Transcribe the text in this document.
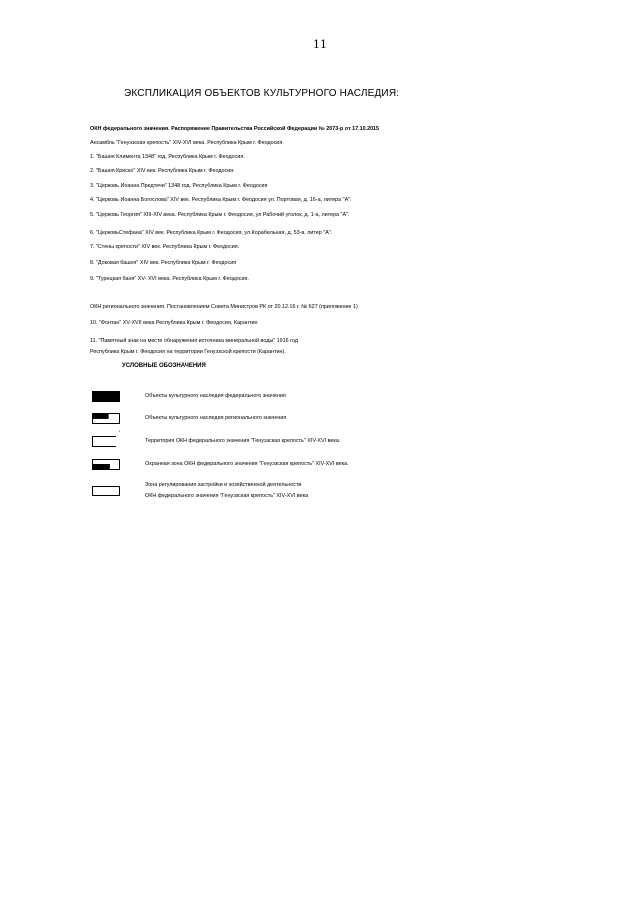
11
ЭКСПЛИКАЦИЯ ОБЪЕКТОВ КУЛЬТУРНОГО НАСЛЕДИЯ:
ОКН федерального значения. Распоряжение Правительства Российской Федерации № 2073-р от 17.10.2015
Ансамбль "Генуэзская крепость" XIV-XVI века. Республика Крым г. Феодосия.
1. "Башня Климента 1348" год. Республика Крым г. Феодосия.
2. "Башня Криско" XIV век. Республика Крым г. Феодосия.
3. "Церковь Иоанна Предтечи" 1348 год. Республика Крым г. Феодосия
4. "Церковь Иоанна Богослова" XIV век. Республика Крым г. Феодосия ул. Портовая, д. 16-а, литера "А".
5. "Церковь Георгия" XIII-XIV века. Республика Крым г. Феодосия, ул Рабочий уголок, д. 1-а, литера "А".
6. "ЦерковьСтефана" XIV век. Республика Крым г. Феодосия, ул.Корабельная, д. 53-в, литер "А".
7. "Стены крепости" XIV век. Республика Крым г. Феодосия.
8. "Доковая башня" XIV век. Республика Крым г. Феодосия
9. "Турецкая баня" XV- XVI века. Республика Крым г. Феодосия.
ОКН регионального значения. Постановлением Совета Министров РК от 20.12.16 г. № 627 (приложение 1)
10. "Фонтан" XV-XVII века Республика Крым г. Феодосия, Карантин
11. "Памятный знак на месте обнаружения источника минеральной воды" 1916 год
Республика Крым г. Феодосия на территории Генуэзской крепости (Карантин).
УСЛОВНЫЕ ОБОЗНАЧЕНИЯ
Объекты культурного наследия федерального значения
Объекты культурного наследия регионального значения
'
Территория ОКН федерального значения "Генуэзская крепость" XIV-XVI века.
Охранная зона ОКН федерального значения "Генуэзская крепость" XIV-XVI века.
Зона регулирования застройки и хозяйственной деятельности
ОКН федерального значения "Генуэзская крепость" XIV-XVI века
